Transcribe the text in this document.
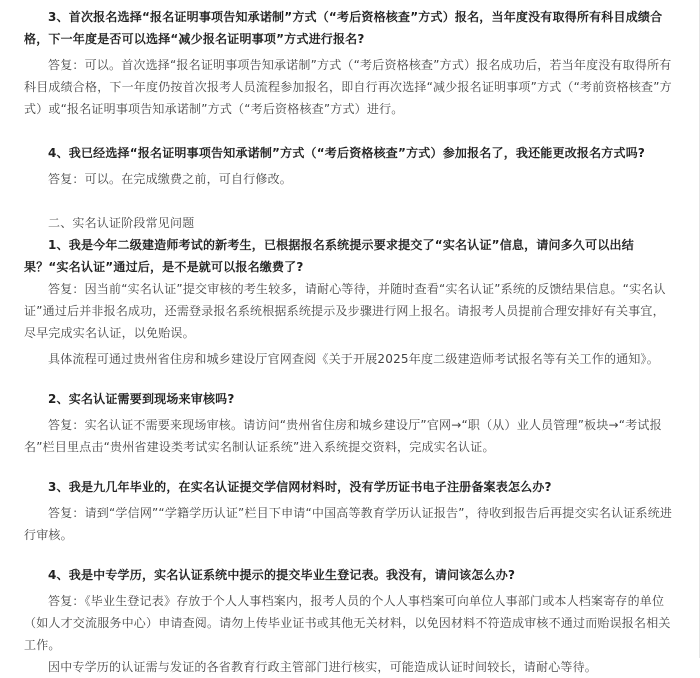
3、首次报名选择“报名证明事项告知承诺制”方式（“考后资格核查”方式）报名，当年度没有取得所有科目成绩合格，下一年度是否可以选择“减少报名证明事项”方式进行报名?

答复：可以。首次选择“报名证明事项告知承诺制”方式（“考后资格核查”方式）报名成功后，若当年度没有取得所有科目成绩合格，下一年度仍按首次报考人员流程参加报名，即自行再次选择“减少报名证明事项”方式（“考前资格核查”方式）或“报名证明事项告知承诺制”方式（“考后资格核查”方式）进行。

4、我已经选择“报名证明事项告知承诺制”方式（“考后资格核查”方式）参加报名了，我还能更改报名方式吗?

答复：可以。在完成缴费之前，可自行修改。

二、实名认证阶段常见问题

1、我是今年二级建造师考试的新考生，已根据报名系统提示要求提交了“实名认证”信息，请问多久可以出结果？“实名认证”通过后，是不是就可以报名缴费了?

答复：因当前“实名认证”提交审核的考生较多，请耐心等待，并随时查看“实名认证”系统的反馈结果信息。“实名认证”通过后并非报名成功，还需登录报名系统根据系统提示及步骤进行网上报名。请报考人员提前合理安排好有关事宜，尽早完成实名认证，以免贻误。

具体流程可通过贵州省住房和城乡建设厅官网查阅《关于开展2025年度二级建造师考试报名等有关工作的通知》。

2、实名认证需要到现场来审核吗?

答复：实名认证不需要来现场审核。请访问“贵州省住房和城乡建设厅”官网→“职（从）业人员管理”板块→“考试报名”栏目里点击“贵州省建设类考试实名制认证系统”进入系统提交资料，完成实名认证。

3、我是九几年毕业的，在实名认证提交学信网材料时，没有学历证书电子注册备案表怎么办?

答复：请到“学信网”“学籍学历认证”栏目下申请“中国高等教育学历认证报告”，待收到报告后再提交实名认证系统进行审核。

4、我是中专学历，实名认证系统中提示的提交毕业生登记表。我没有，请问该怎么办?

答复：《毕业生登记表》存放于个人人事档案内，报考人员的个人人事档案可向单位人事部门或本人档案寄存的单位（如人才交流服务中心）申请查阅。请勿上传毕业证书或其他无关材料，以免因材料不符造成审核不通过而贻误报名相关工作。

因中专学历的认证需与发证的各省教育行政主管部门进行核实，可能造成认证时间较长，请耐心等待。
